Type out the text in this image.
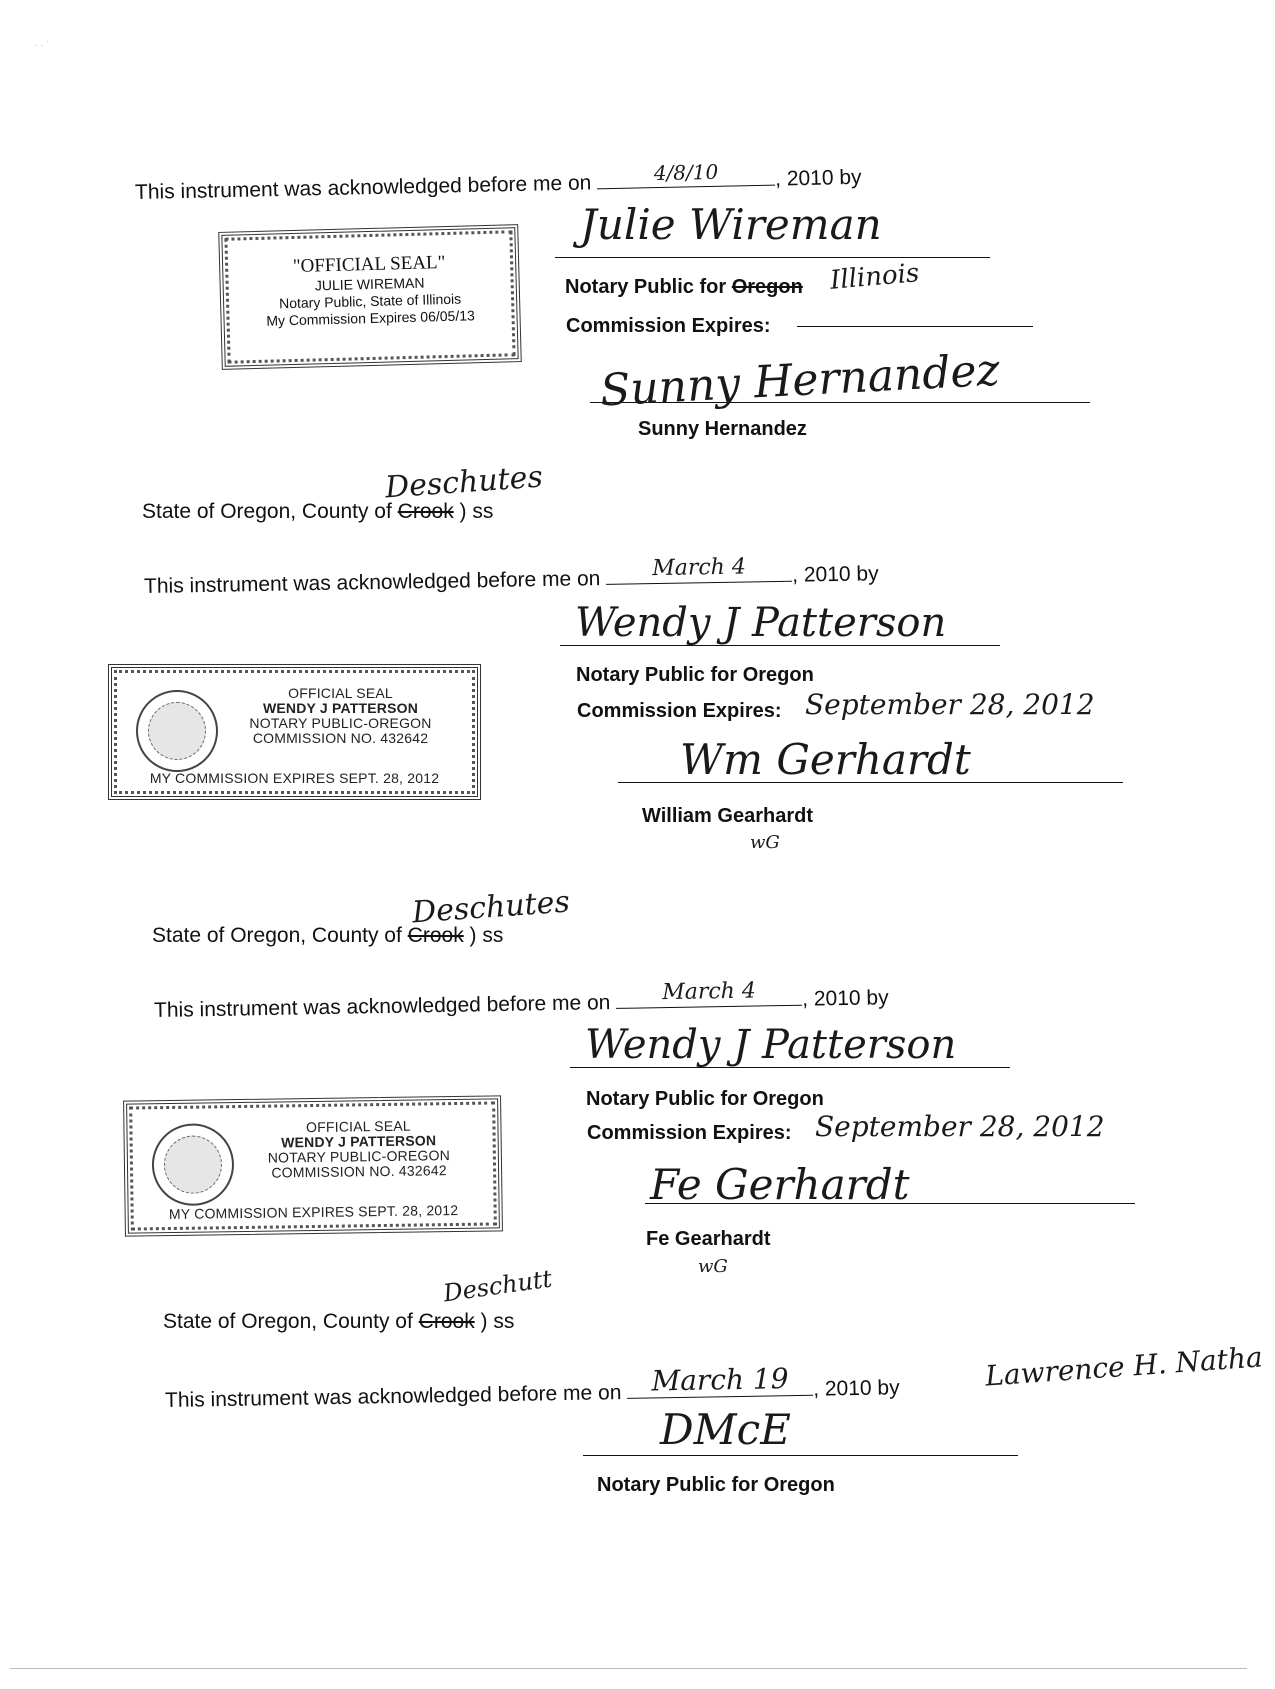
· · ˙
This instrument was acknowledged before me on	4/8/10	, 2010 by
"OFFICIAL SEAL"
JULIE WIREMAN
Notary Public, State of Illinois
My Commission Expires 06/05/13
Julie Wireman
Notary Public for Oregon Illinois
Commission Expires:
Sunny Hernandez
Sunny Hernandez
Deschutes
State of Oregon, County of Crook ) ss
This instrument was acknowledged before me on	March 4	, 2010 by
Wendy J Patterson
OFFICIAL SEAL
WENDY J PATTERSON
NOTARY PUBLIC-OREGON
COMMISSION NO. 432642
MY COMMISSION EXPIRES SEPT. 28, 2012
Notary Public for Oregon
Commission Expires: September 28, 2012
Wm Gerhardt
William Gearhardt
wG
Deschutes
State of Oregon, County of Crook ) ss
This instrument was acknowledged before me on	March 4	, 2010 by
Wendy J Patterson
OFFICIAL SEAL
WENDY J PATTERSON
NOTARY PUBLIC-OREGON
COMMISSION NO. 432642
MY COMMISSION EXPIRES SEPT. 28, 2012
Notary Public for Oregon
Commission Expires: September 28, 2012
Fe Gerhardt
Fe Gearhardt
wG
Deschutt
State of Oregon, County of Crook ) ss
This instrument was acknowledged before me on	March 19	, 2010 by	Lawrence H. Natha
DMcE
Notary Public for Oregon
